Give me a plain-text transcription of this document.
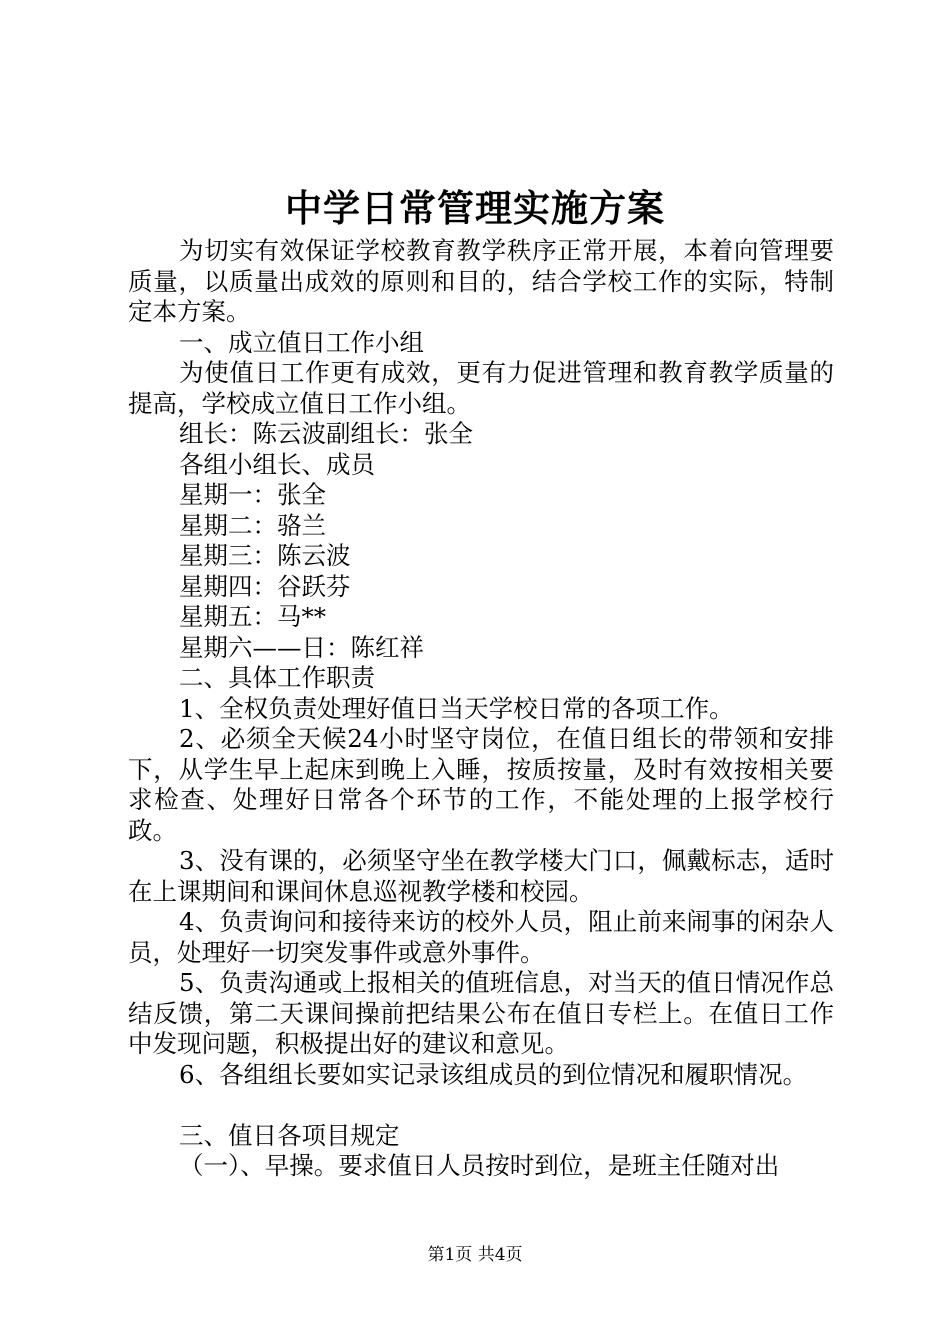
中学日常管理实施方案

为切实有效保证学校教育教学秩序正常开展，本着向管理要质量，以质量出成效的原则和目的，结合学校工作的实际，特制定本方案。

一、成立值日工作小组

为使值日工作更有成效，更有力促进管理和教育教学质量的提高，学校成立值日工作小组。

组长：陈云波副组长：张全

各组小组长、成员

星期一：张全

星期二：骆兰

星期三：陈云波

星期四：谷跃芬

星期五：马**

星期六——日：陈红祥

二、具体工作职责

1、全权负责处理好值日当天学校日常的各项工作。

2、必须全天候24小时坚守岗位，在值日组长的带领和安排下，从学生早上起床到晚上入睡，按质按量，及时有效按相关要求检查、处理好日常各个环节的工作，不能处理的上报学校行政。

3、没有课的，必须坚守坐在教学楼大门口，佩戴标志，适时在上课期间和课间休息巡视教学楼和校园。

4、负责询问和接待来访的校外人员，阻止前来闹事的闲杂人员，处理好一切突发事件或意外事件。

5、负责沟通或上报相关的值班信息，对当天的值日情况作总结反馈，第二天课间操前把结果公布在值日专栏上。在值日工作中发现问题，积极提出好的建议和意见。

6、各组组长要如实记录该组成员的到位情况和履职情况。

三、值日各项目规定

（一）、早操。要求值日人员按时到位，是班主任随对出

第1页 共4页
